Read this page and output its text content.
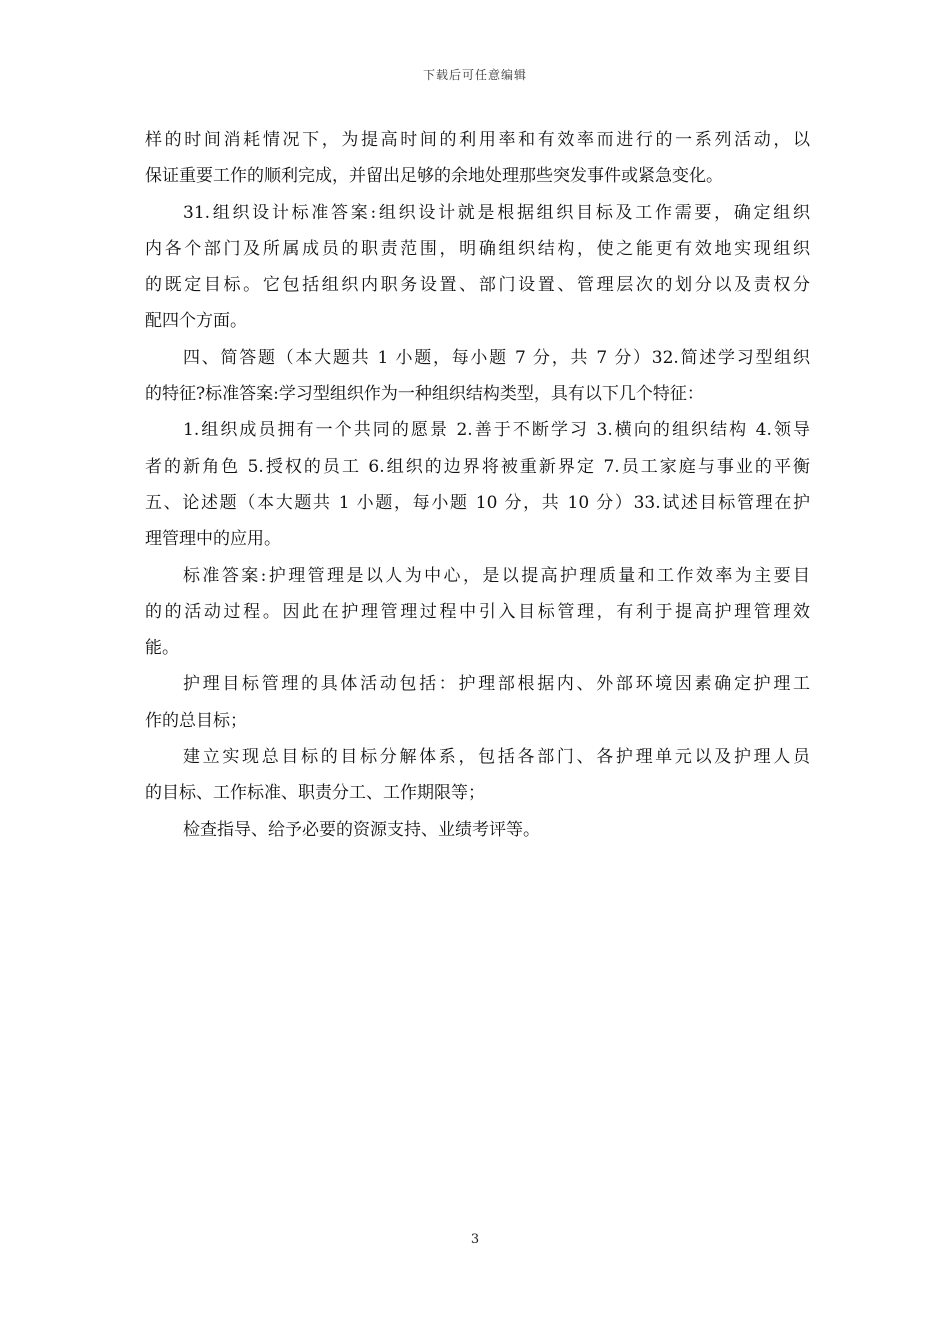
下载后可任意编辑
样的时间消耗情况下，为提高时间的利用率和有效率而进行的一系列活动，以
保证重要工作的顺利完成，并留出足够的余地处理那些突发事件或紧急变化。
31.组织设计标准答案:组织设计就是根据组织目标及工作需要，确定组织
内各个部门及所属成员的职责范围，明确组织结构，使之能更有效地实现组织
的既定目标。它包括组织内职务设置、部门设置、管理层次的划分以及责权分
配四个方面。
四、简答题（本大题共 1 小题，每小题 7 分，共 7 分）32.简述学习型组织
的特征?标准答案:学习型组织作为一种组织结构类型，具有以下几个特征：
1.组织成员拥有一个共同的愿景 2.善于不断学习 3.横向的组织结构 4.领导
者的新角色 5.授权的员工 6.组织的边界将被重新界定 7.员工家庭与事业的平衡
五、论述题（本大题共 1 小题，每小题 10 分，共 10 分）33.试述目标管理在护
理管理中的应用。
标准答案:护理管理是以人为中心，是以提高护理质量和工作效率为主要目
的的活动过程。因此在护理管理过程中引入目标管理，有利于提高护理管理效
能。
护理目标管理的具体活动包括：护理部根据内、外部环境因素确定护理工
作的总目标；
建立实现总目标的目标分解体系，包括各部门、各护理单元以及护理人员
的目标、工作标准、职责分工、工作期限等；
检查指导、给予必要的资源支持、业绩考评等。
3
